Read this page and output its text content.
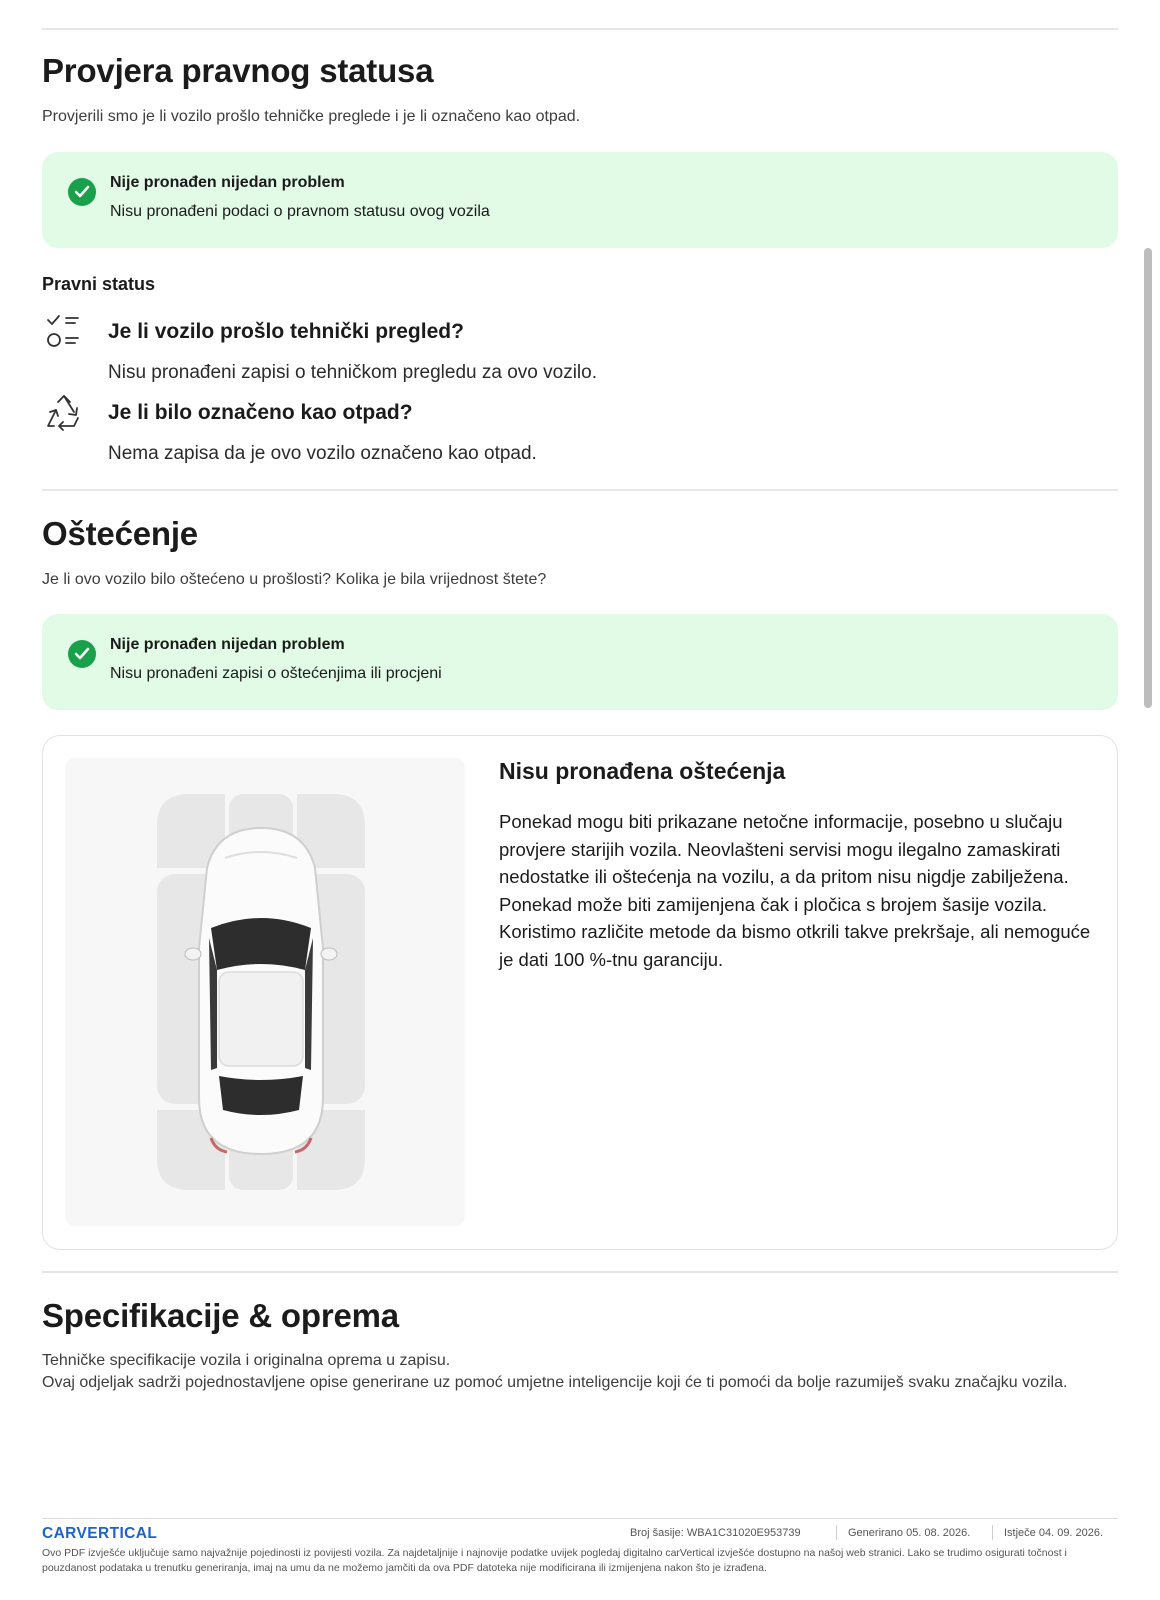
Provjera pravnog statusa
Provjerili smo je li vozilo prošlo tehničke preglede i je li označeno kao otpad.
Nije pronađen nijedan problem
Nisu pronađeni podaci o pravnom statusu ovog vozila
Pravni status
Je li vozilo prošlo tehnički pregled?
Nisu pronađeni zapisi o tehničkom pregledu za ovo vozilo.
Je li bilo označeno kao otpad?
Nema zapisa da je ovo vozilo označeno kao otpad.
Oštećenje
Je li ovo vozilo bilo oštećeno u prošlosti? Kolika je bila vrijednost štete?
Nije pronađen nijedan problem
Nisu pronađeni zapisi o oštećenjima ili procjeni
Nisu pronađena oštećenja
Ponekad mogu biti prikazane netočne informacije, posebno u slučaju provjere starijih vozila. Neovlašteni servisi mogu ilegalno zamaskirati nedostatke ili oštećenja na vozilu, a da pritom nisu nigdje zabilježena. Ponekad može biti zamijenjena čak i pločica s brojem šasije vozila. Koristimo različite metode da bismo otkrili takve prekršaje, ali nemoguće je dati 100 %-tnu garanciju.
Specifikacije & oprema
Tehničke specifikacije vozila i originalna oprema u zapisu.
Ovaj odjeljak sadrži pojednostavljene opise generirane uz pomoć umjetne inteligencije koji će ti pomoći da bolje razumiješ svaku značajku vozila.
CARVERTICAL	Broj šasije: WBA1C31020E953739	Generirano 05. 08. 2026.	Istječe 04. 09. 2026.
Ovo PDF izvješće uključuje samo najvažnije pojedinosti iz povijesti vozila. Za najdetaljnije i najnovije podatke uvijek pogledaj digitalno carVertical izvješće dostupno na našoj web stranici. Lako se trudimo osigurati točnost i pouzdanost podataka u trenutku generiranja, imaj na umu da ne možemo jamčiti da ova PDF datoteka nije modificirana ili izmijenjena nakon što je izrađena.
